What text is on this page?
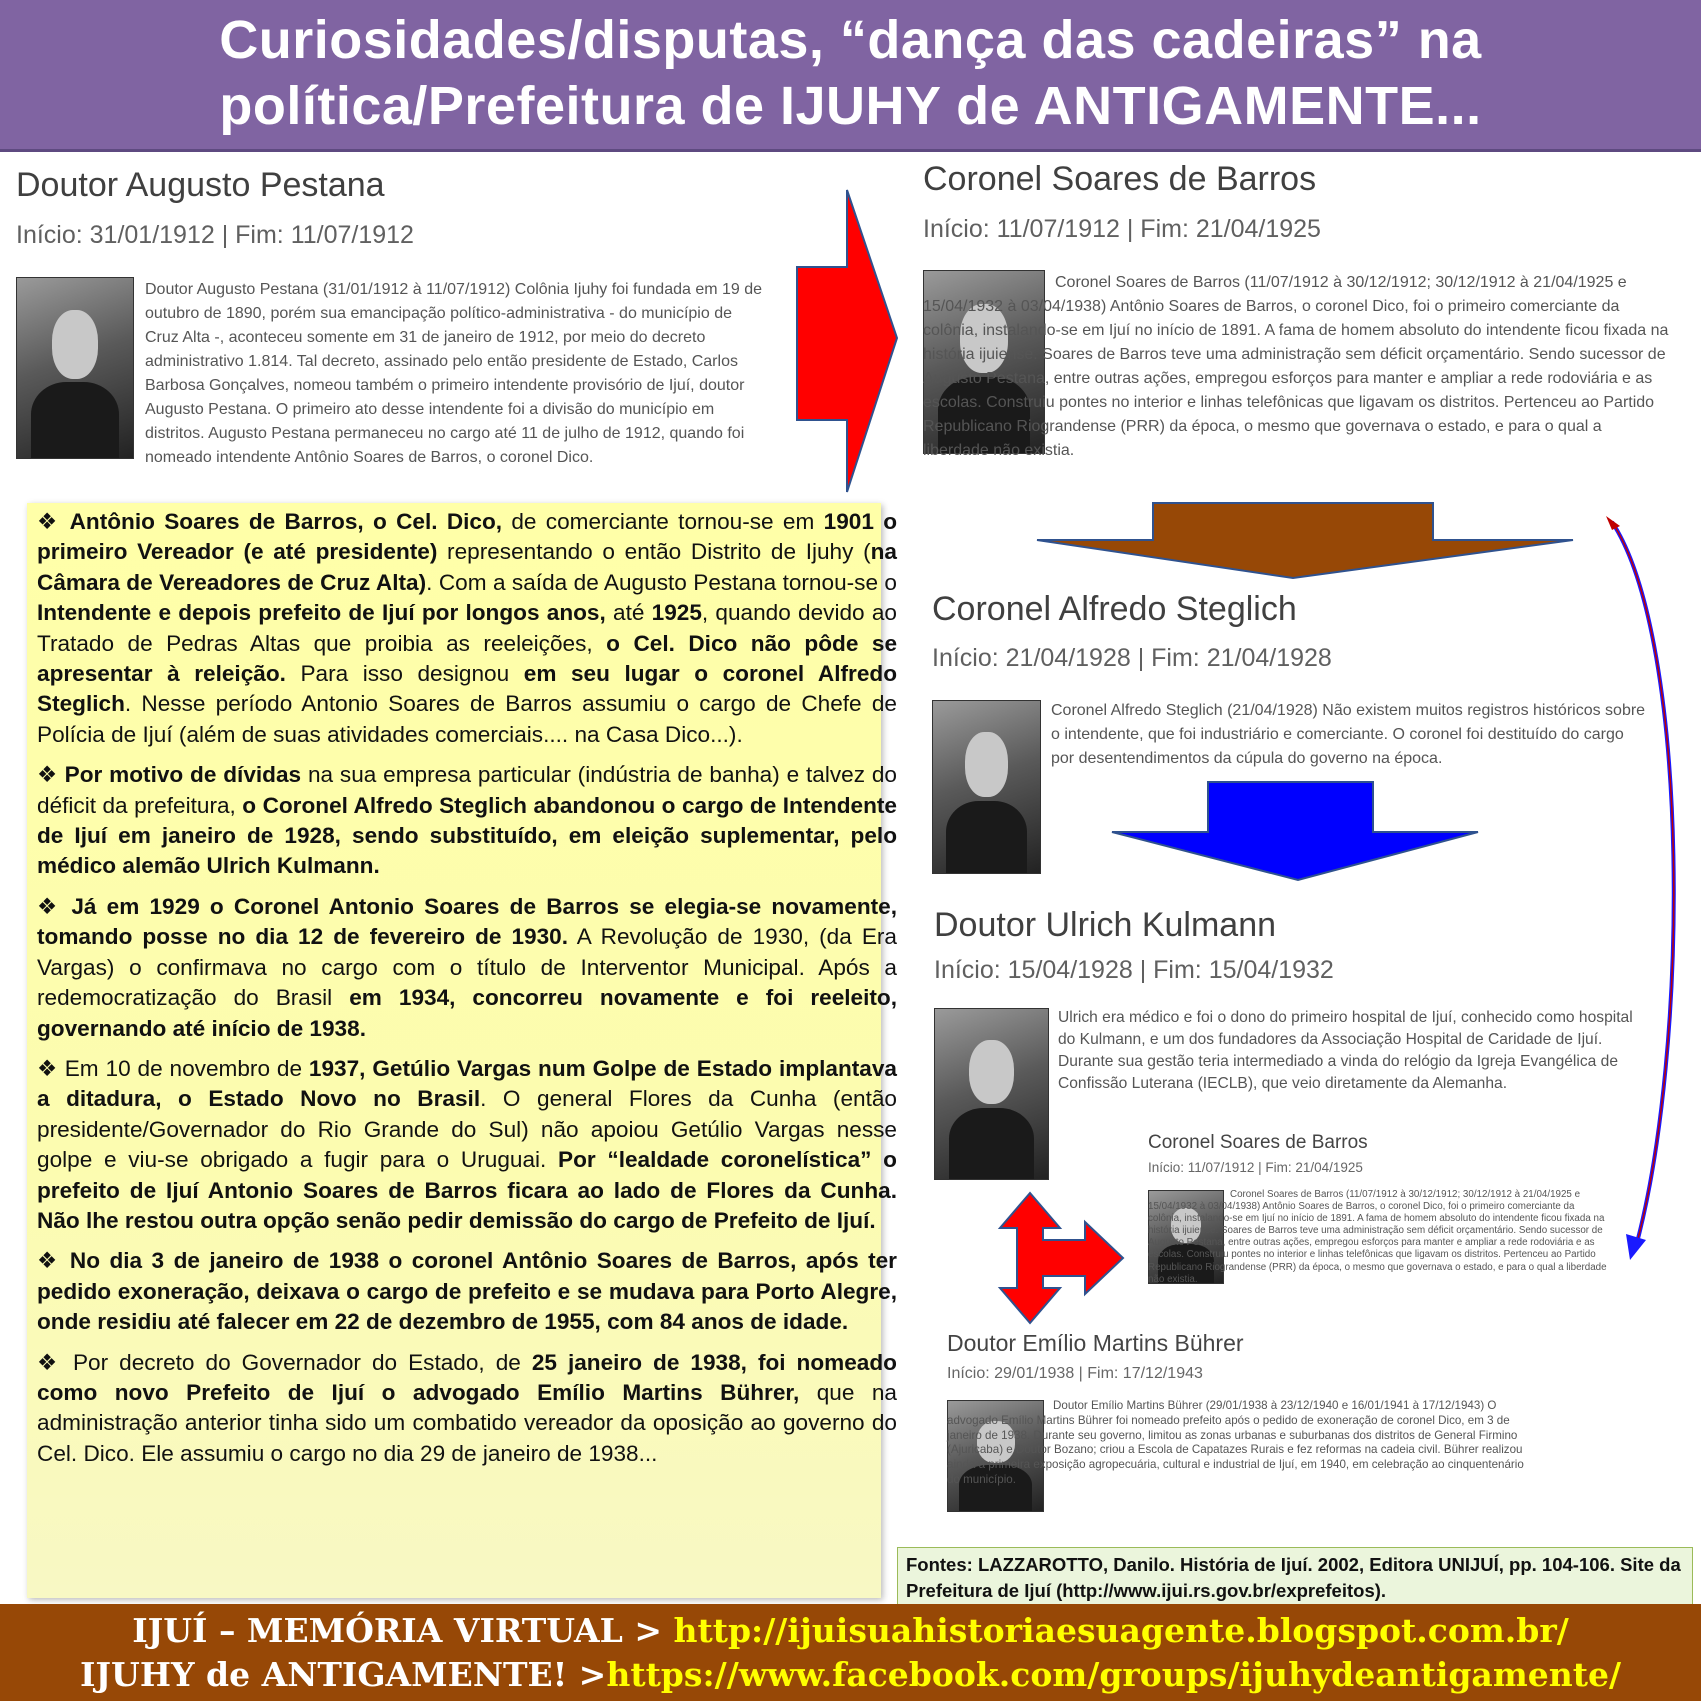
Curiosidades/disputas, “dança das cadeiras” na
política/Prefeitura de IJUHY de ANTIGAMENTE...
Doutor Augusto Pestana
Início: 31/01/1912 | Fim: 11/07/1912
Doutor Augusto Pestana (31/01/1912 à 11/07/1912) Colônia Ijuhy foi fundada em 19 de outubro de 1890, porém sua emancipação político-administrativa - do município de Cruz Alta -, aconteceu somente em 31 de janeiro de 1912, por meio do decreto administrativo 1.814. Tal decreto, assinado pelo então presidente de Estado, Carlos Barbosa Gonçalves, nomeou também o primeiro intendente provisório de Ijuí, doutor Augusto Pestana. O primeiro ato desse intendente foi a divisão do município em distritos. Augusto Pestana permaneceu no cargo até 11 de julho de 1912, quando foi nomeado intendente Antônio Soares de Barros, o coronel Dico.
Coronel Soares de Barros
Início: 11/07/1912 | Fim: 21/04/1925
Coronel Soares de Barros (11/07/1912 à 30/12/1912; 30/12/1912 à 21/04/1925 e 15/04/1932 à 03/04/1938) Antônio Soares de Barros, o coronel Dico, foi o primeiro comerciante da colônia, instalando-se em Ijuí no início de 1891. A fama de homem absoluto do intendente ficou fixada na história ijuiense. Soares de Barros teve uma administração sem déficit orçamentário. Sendo sucessor de Augusto Pestana, entre outras ações, empregou esforços para manter e ampliar a rede rodoviária e as escolas. Construiu pontes no interior e linhas telefônicas que ligavam os distritos. Pertenceu ao Partido Republicano Riograndense (PRR) da época, o mesmo que governava o estado, e para o qual a liberdade não existia.
Coronel Alfredo Steglich
Início: 21/04/1928 | Fim: 21/04/1928
Coronel Alfredo Steglich (21/04/1928) Não existem muitos registros históricos sobre o intendente, que foi industriário e comerciante. O coronel foi destituído do cargo por desentendimentos da cúpula do governo na época.
Doutor Ulrich Kulmann
Início: 15/04/1928 | Fim: 15/04/1932
Ulrich era médico e foi o dono do primeiro hospital de Ijuí, conhecido como hospital do Kulmann, e um dos fundadores da Associação Hospital de Caridade de Ijuí. Durante sua gestão teria intermediado a vinda do relógio da Igreja Evangélica de Confissão Luterana (IECLB), que veio diretamente da Alemanha.
Coronel Soares de Barros
Início: 11/07/1912 | Fim: 21/04/1925
Coronel Soares de Barros (11/07/1912 à 30/12/1912; 30/12/1912 à 21/04/1925 e 15/04/1932 à 03/04/1938) Antônio Soares de Barros, o coronel Dico, foi o primeiro comerciante da colônia, instalando-se em Ijuí no início de 1891. A fama de homem absoluto do intendente ficou fixada na história ijuiense. Soares de Barros teve uma administração sem déficit orçamentário. Sendo sucessor de Augusto Pestana, entre outras ações, empregou esforços para manter e ampliar a rede rodoviária e as escolas. Construiu pontes no interior e linhas telefônicas que ligavam os distritos. Pertenceu ao Partido Republicano Riograndense (PRR) da época, o mesmo que governava o estado, e para o qual a liberdade não existia.
Doutor Emílio Martins Bührer
Início: 29/01/1938 | Fim: 17/12/1943
Doutor Emílio Martins Bührer (29/01/1938 à 23/12/1940 e 16/01/1941 à 17/12/1943) O advogado Emílio Martins Bührer foi nomeado prefeito após o pedido de exoneração de coronel Dico, em 3 de janeiro de 1938. Durante seu governo, limitou as zonas urbanas e suburbanas dos distritos de General Firmino (Ajuricaba) e Doutor Bozano; criou a Escola de Capatazes Rurais e fez reformas na cadeia civil. Bührer realizou ainda a primeira exposição agropecuária, cultural e industrial de Ijuí, em 1940, em celebração ao cinquentenário do município.

❖ Antônio Soares de Barros, o Cel. Dico, de comerciante tornou-se em 1901 o primeiro Vereador (e até presidente) representando o então Distrito de Ijuhy (na Câmara de Vereadores de Cruz Alta). Com a saída de Augusto Pestana tornou-se o Intendente e depois prefeito de Ijuí por longos anos, até 1925, quando devido ao Tratado de Pedras Altas que proibia as reeleições, o Cel. Dico não pôde se apresentar à releição. Para isso designou em seu lugar o coronel Alfredo Steglich. Nesse período Antonio Soares de Barros assumiu o cargo de Chefe de Polícia de Ijuí (além de suas atividades comerciais.... na Casa Dico...).

❖ Por motivo de dívidas na sua empresa particular (indústria de banha) e talvez do déficit da prefeitura, o Coronel Alfredo Steglich abandonou o cargo de Intendente de Ijuí em janeiro de 1928, sendo substituído, em eleição suplementar, pelo médico alemão Ulrich Kulmann.

❖ Já em 1929 o Coronel Antonio Soares de Barros se elegia-se novamente, tomando posse no dia 12 de fevereiro de 1930. A Revolução de 1930, (da Era Vargas) o confirmava no cargo com o título de Interventor Municipal. Após a redemocratização do Brasil em 1934, concorreu novamente e foi reeleito, governando até início de 1938.

❖ Em 10 de novembro de 1937, Getúlio Vargas num Golpe de Estado implantava a ditadura, o Estado Novo no Brasil. O general Flores da Cunha (então presidente/Governador do Rio Grande do Sul) não apoiou Getúlio Vargas nesse golpe e viu-se obrigado a fugir para o Uruguai. Por “lealdade coronelística” o prefeito de Ijuí Antonio Soares de Barros ficara ao lado de Flores da Cunha. Não lhe restou outra opção senão pedir demissão do cargo de Prefeito de Ijuí.

❖ No dia 3 de janeiro de 1938 o coronel Antônio Soares de Barros, após ter pedido exoneração, deixava o cargo de prefeito e se mudava para Porto Alegre, onde residiu até falecer em 22 de dezembro de 1955, com 84 anos de idade.

❖ Por decreto do Governador do Estado, de 25 janeiro de 1938, foi nomeado como novo Prefeito de Ijuí o advogado Emílio Martins Bührer, que na administração anterior tinha sido um combatido vereador da oposição ao governo do Cel. Dico. Ele assumiu o cargo no dia 29 de janeiro de 1938...

Fontes: LAZZAROTTO, Danilo. História de Ijuí. 2002, Editora UNIJUÍ, pp. 104-106. Site da Prefeitura de Ijuí (http://www.ijui.rs.gov.br/exprefeitos).
IJUÍ – MEMÓRIA VIRTUAL > http://ijuisuahistoriaesuagente.blogspot.com.br/
IJUHY de ANTIGAMENTE! >https://www.facebook.com/groups/ijuhydeantigamente/
